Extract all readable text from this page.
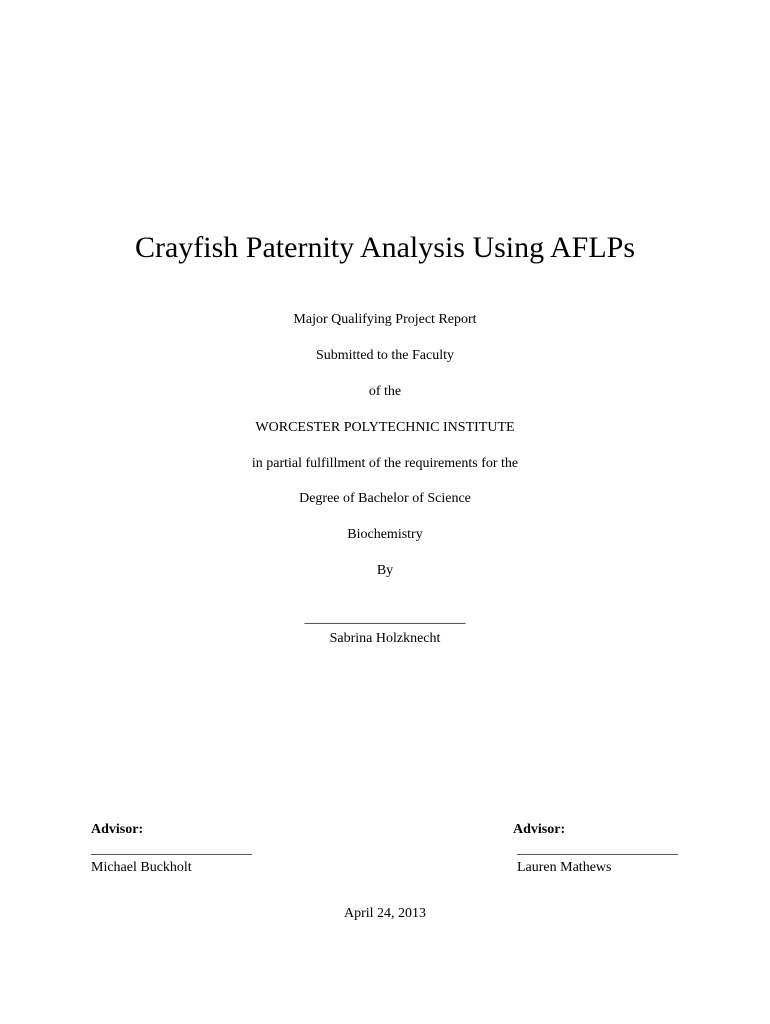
Crayfish Paternity Analysis Using AFLPs
Major Qualifying Project Report
Submitted to the Faculty
of the
WORCESTER POLYTECHNIC INSTITUTE
in partial fulfillment of the requirements for the
Degree of Bachelor of Science
Biochemistry
By
_______________________
Sabrina Holzknecht
Advisor:
_______________________
Michael Buckholt
Advisor:
_______________________
Lauren Mathews
April 24, 2013
